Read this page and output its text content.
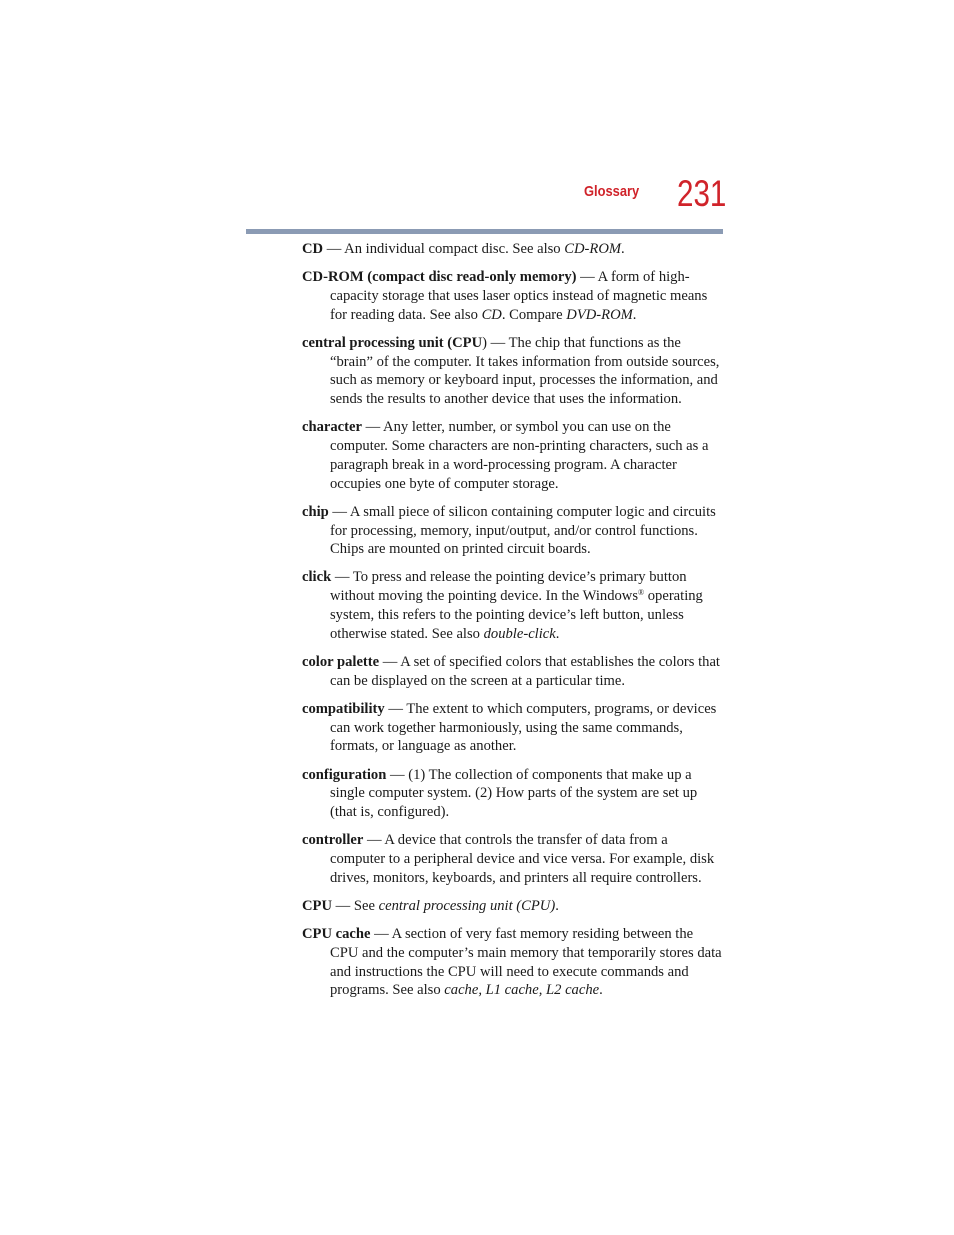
Glossary 231

CD — An individual compact disc. See also CD-ROM.

CD-ROM (compact disc read-only memory) — A form of high-capacity storage that uses laser optics instead of magnetic means for reading data. See also CD. Compare DVD-ROM.

central processing unit (CPU) — The chip that functions as the “brain” of the computer. It takes information from outside sources, such as memory or keyboard input, processes the information, and sends the results to another device that uses the information.

character — Any letter, number, or symbol you can use on the computer. Some characters are non-printing characters, such as a paragraph break in a word-processing program. A character occupies one byte of computer storage.

chip — A small piece of silicon containing computer logic and circuits for processing, memory, input/output, and/or control functions. Chips are mounted on printed circuit boards.

click — To press and release the pointing device’s primary button without moving the pointing device. In the Windows® operating system, this refers to the pointing device’s left button, unless otherwise stated. See also double-click.

color palette — A set of specified colors that establishes the colors that can be displayed on the screen at a particular time.

compatibility — The extent to which computers, programs, or devices can work together harmoniously, using the same commands, formats, or language as another.

configuration — (1) The collection of components that make up a single computer system. (2) How parts of the system are set up (that is, configured).

controller — A device that controls the transfer of data from a computer to a peripheral device and vice versa. For example, disk drives, monitors, keyboards, and printers all require controllers.

CPU — See central processing unit (CPU).

CPU cache — A section of very fast memory residing between the CPU and the computer’s main memory that temporarily stores data and instructions the CPU will need to execute commands and programs. See also cache, L1 cache, L2 cache.
